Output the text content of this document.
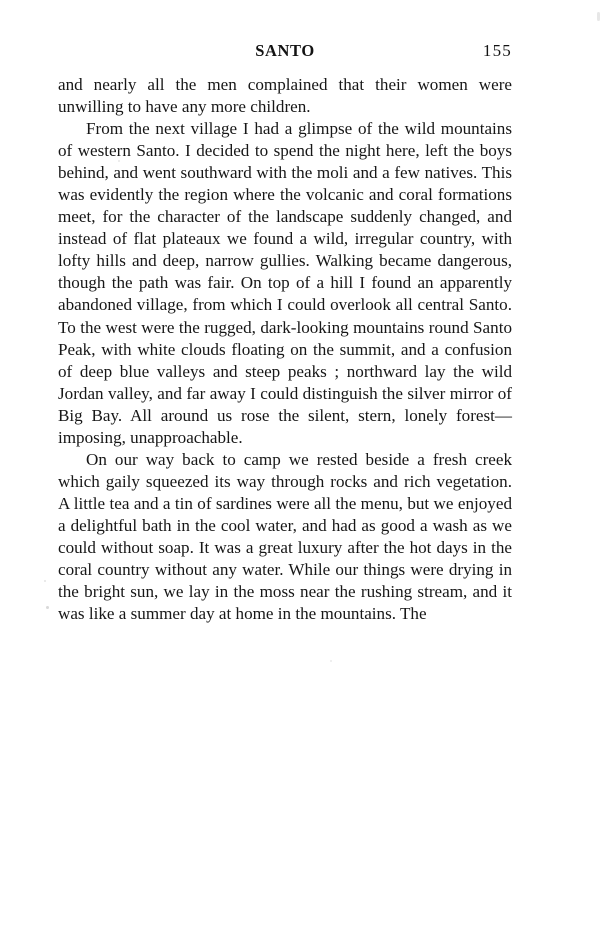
SANTO	155

and nearly all the men complained that their women were unwilling to have any more children.

From the next village I had a glimpse of the wild mountains of western Santo. I decided to spend the night here, left the boys behind, and went southward with the moli and a few natives. This was evidently the region where the volcanic and coral formations meet, for the character of the landscape suddenly changed, and instead of flat plateaux we found a wild, irregular country, with lofty hills and deep, narrow gullies. Walking became dangerous, though the path was fair. On top of a hill I found an apparently abandoned village, from which I could overlook all central Santo. To the west were the rugged, dark-looking mountains round Santo Peak, with white clouds floating on the summit, and a confusion of deep blue valleys and steep peaks ; northward lay the wild Jordan valley, and far away I could distinguish the silver mirror of Big Bay. All around us rose the silent, stern, lonely forest—imposing, unapproachable.

On our way back to camp we rested beside a fresh creek which gaily squeezed its way through rocks and rich vegetation. A little tea and a tin of sardines were all the menu, but we enjoyed a delightful bath in the cool water, and had as good a wash as we could without soap. It was a great luxury after the hot days in the coral country without any water. While our things were drying in the bright sun, we lay in the moss near the rushing stream, and it was like a summer day at home in the mountains. The
